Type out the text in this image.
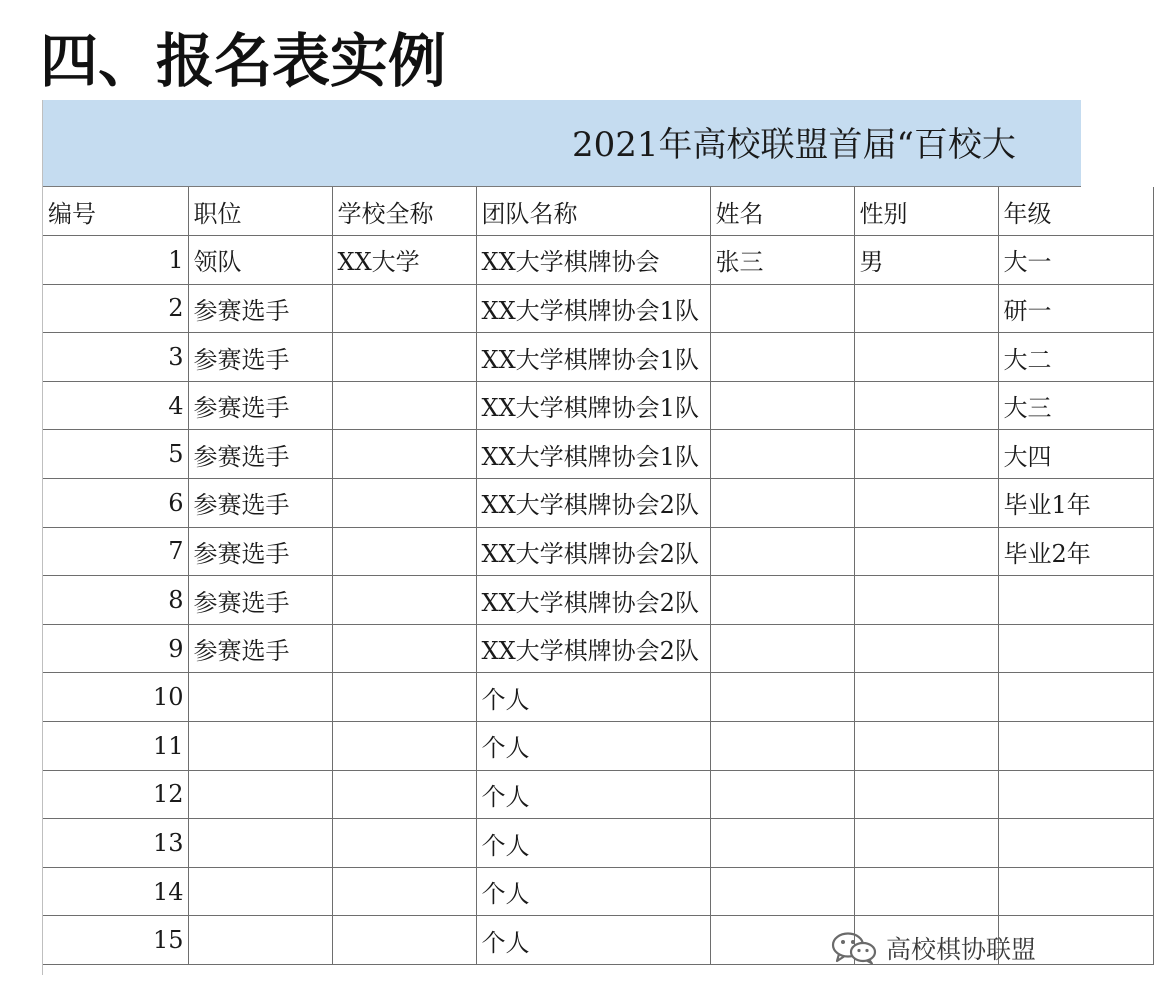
四、报名表实例
2021年高校联盟首届“百校大
编号	职位	学校全称	团队名称	姓名	性别	年级
1	领队	XX大学	XX大学棋牌协会	张三	男	大一
2	参赛选手		XX大学棋牌协会1队			研一
3	参赛选手		XX大学棋牌协会1队			大二
4	参赛选手		XX大学棋牌协会1队			大三
5	参赛选手		XX大学棋牌协会1队			大四
6	参赛选手		XX大学棋牌协会2队			毕业1年
7	参赛选手		XX大学棋牌协会2队			毕业2年
8	参赛选手		XX大学棋牌协会2队			
9	参赛选手		XX大学棋牌协会2队			
10			个人			
11			个人			
12			个人			
13			个人			
14			个人			
15			个人				高校棋协联盟
